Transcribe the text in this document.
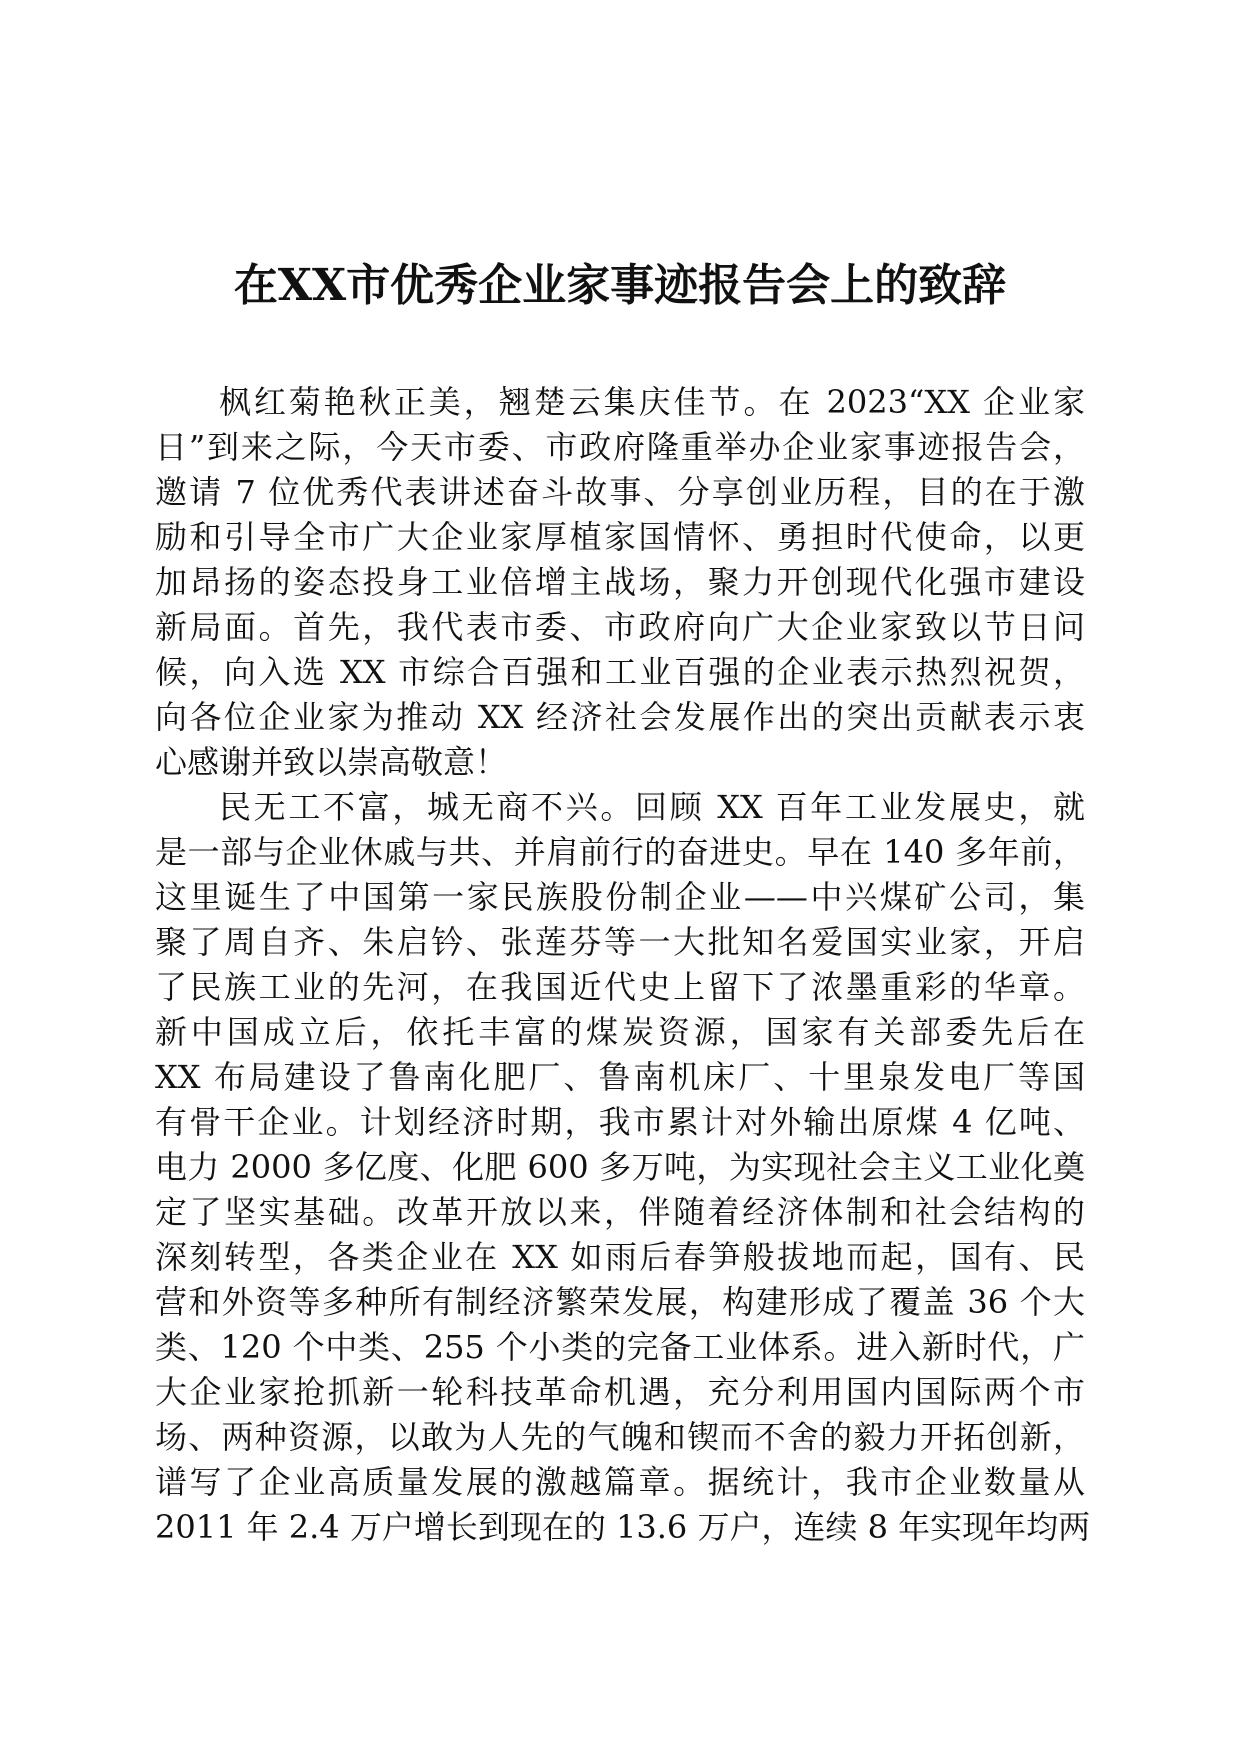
在XX市优秀企业家事迹报告会上的致辞
枫红菊艳秋正美，翘楚云集庆佳节。在 2023“XX 企业家
日”到来之际，今天市委、市政府隆重举办企业家事迹报告会，
邀请 7 位优秀代表讲述奋斗故事、分享创业历程，目的在于激
励和引导全市广大企业家厚植家国情怀、勇担时代使命，以更
加昂扬的姿态投身工业倍增主战场，聚力开创现代化强市建设
新局面。首先，我代表市委、市政府向广大企业家致以节日问
候，向入选 XX 市综合百强和工业百强的企业表示热烈祝贺，
向各位企业家为推动 XX 经济社会发展作出的突出贡献表示衷
心感谢并致以崇高敬意！
民无工不富，城无商不兴。回顾 XX 百年工业发展史，就
是一部与企业休戚与共、并肩前行的奋进史。早在 140 多年前，
这里诞生了中国第一家民族股份制企业——中兴煤矿公司，集
聚了周自齐、朱启钤、张莲芬等一大批知名爱国实业家，开启
了民族工业的先河，在我国近代史上留下了浓墨重彩的华章。
新中国成立后，依托丰富的煤炭资源，国家有关部委先后在
XX 布局建设了鲁南化肥厂、鲁南机床厂、十里泉发电厂等国
有骨干企业。计划经济时期，我市累计对外输出原煤 4 亿吨、
电力 2000 多亿度、化肥 600 多万吨，为实现社会主义工业化奠
定了坚实基础。改革开放以来，伴随着经济体制和社会结构的
深刻转型，各类企业在 XX 如雨后春笋般拔地而起，国有、民
营和外资等多种所有制经济繁荣发展，构建形成了覆盖 36 个大
类、120 个中类、255 个小类的完备工业体系。进入新时代，广
大企业家抢抓新一轮科技革命机遇，充分利用国内国际两个市
场、两种资源，以敢为人先的气魄和锲而不舍的毅力开拓创新，
谱写了企业高质量发展的激越篇章。据统计，我市企业数量从
2011 年 2.4 万户增长到现在的 13.6 万户，连续 8 年实现年均两
